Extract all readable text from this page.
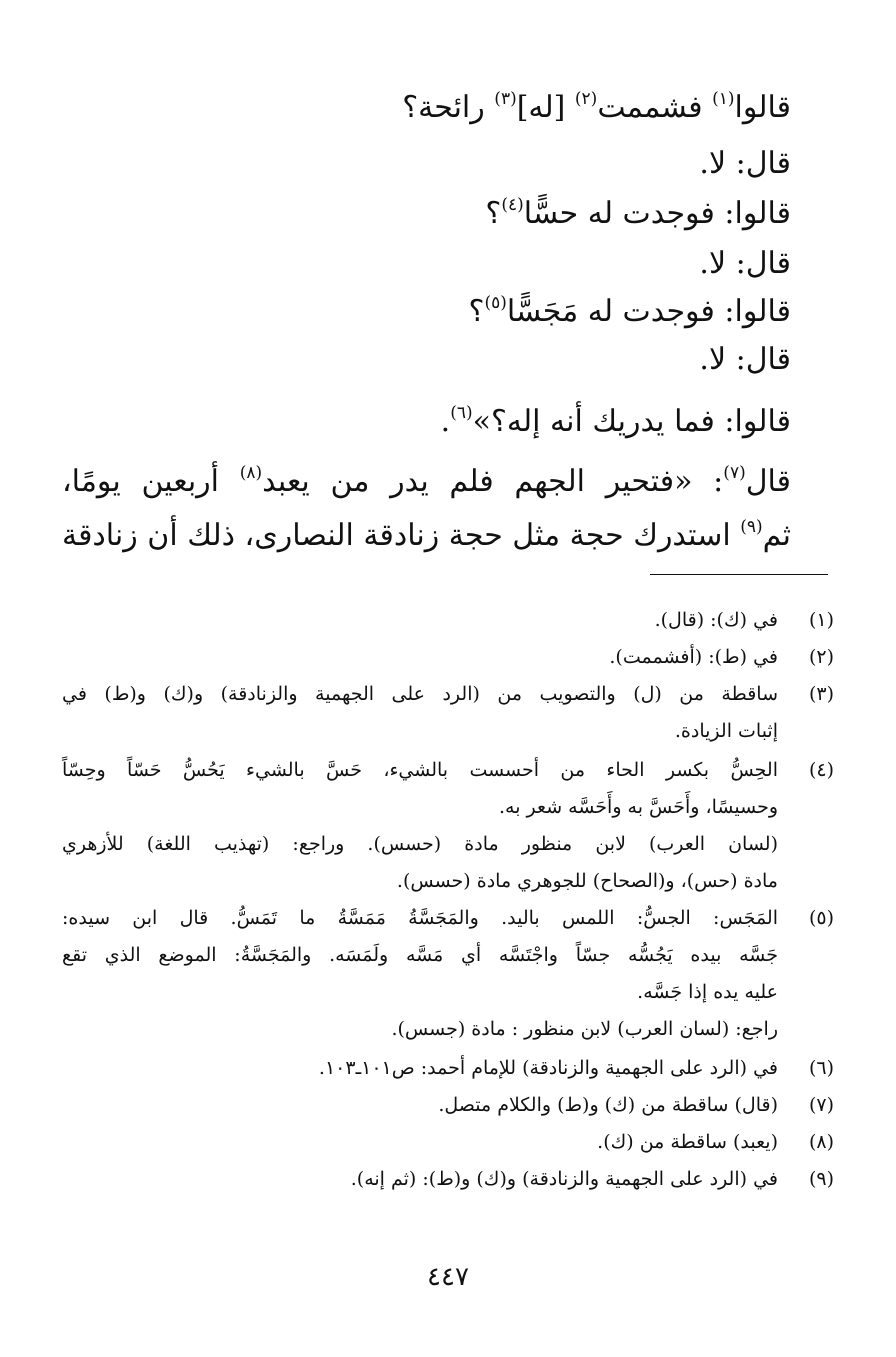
قالوا$^{(١)}$ فشممت$^{(٢)}$ [له]$^{(٣)}$ رائحة؟
قال: لا.
قالوا: فوجدت له حسًّا$^{(٤)}$؟
قال: لا.
قالوا: فوجدت له مَجَسًّا$^{(٥)}$؟
قال: لا.
قالوا: فما يدريك أنه إله؟»$^{(٦)}$.
قال$^{(٧)}$: «فتحير الجهم فلم يدر من يعبد$^{(٨)}$ أربعين يومًا،
ثم$^{(٩)}$ استدرك حجة مثل حجة زنادقة النصارى، ذلك أن زنادقة
(١)
في (ك): (قال).
(٢)
في (ط): (أفشممت).
(٣)
ساقطة من (ل) والتصويب من (الرد على الجهمية والزنادقة) و(ك) و(ط) في
إثبات الزيادة.
(٤)
الحِسُّ بكسر الحاء من أحسست بالشيء، حَسَّ بالشيء يَحُسُّ حَسّاً وحِسّاً
وحسيسًا، وأَحَسَّ به وأَحَسَّه شعر به.
(لسان العرب) لابن منظور مادة (حسس). وراجع: (تهذيب اللغة) للأزهري
مادة (حس)، و(الصحاح) للجوهري مادة (حسس).
(٥)
المَجَس: الجسُّ: اللمس باليد. والمَجَسَّةُ مَمَسَّةُ ما تَمَسُّ. قال ابن سيده:
جَسَّه بيده يَجُسُّه جسّاً واجْتَسَّه أي مَسَّه ولَمَسَه. والمَجَسَّةُ: الموضع الذي تقع
عليه يده إذا جَسَّه.
راجع: (لسان العرب) لابن منظور : مادة (جسس).
(٦)
في (الرد على الجهمية والزنادقة) للإمام أحمد: ص١٠١ـ١٠٣.
(٧)
(قال) ساقطة من (ك) و(ط) والكلام متصل.
(٨)
(يعبد) ساقطة من (ك).
(٩)
في (الرد على الجهمية والزنادقة) و(ك) و(ط): (ثم إنه).
٤٤٧
